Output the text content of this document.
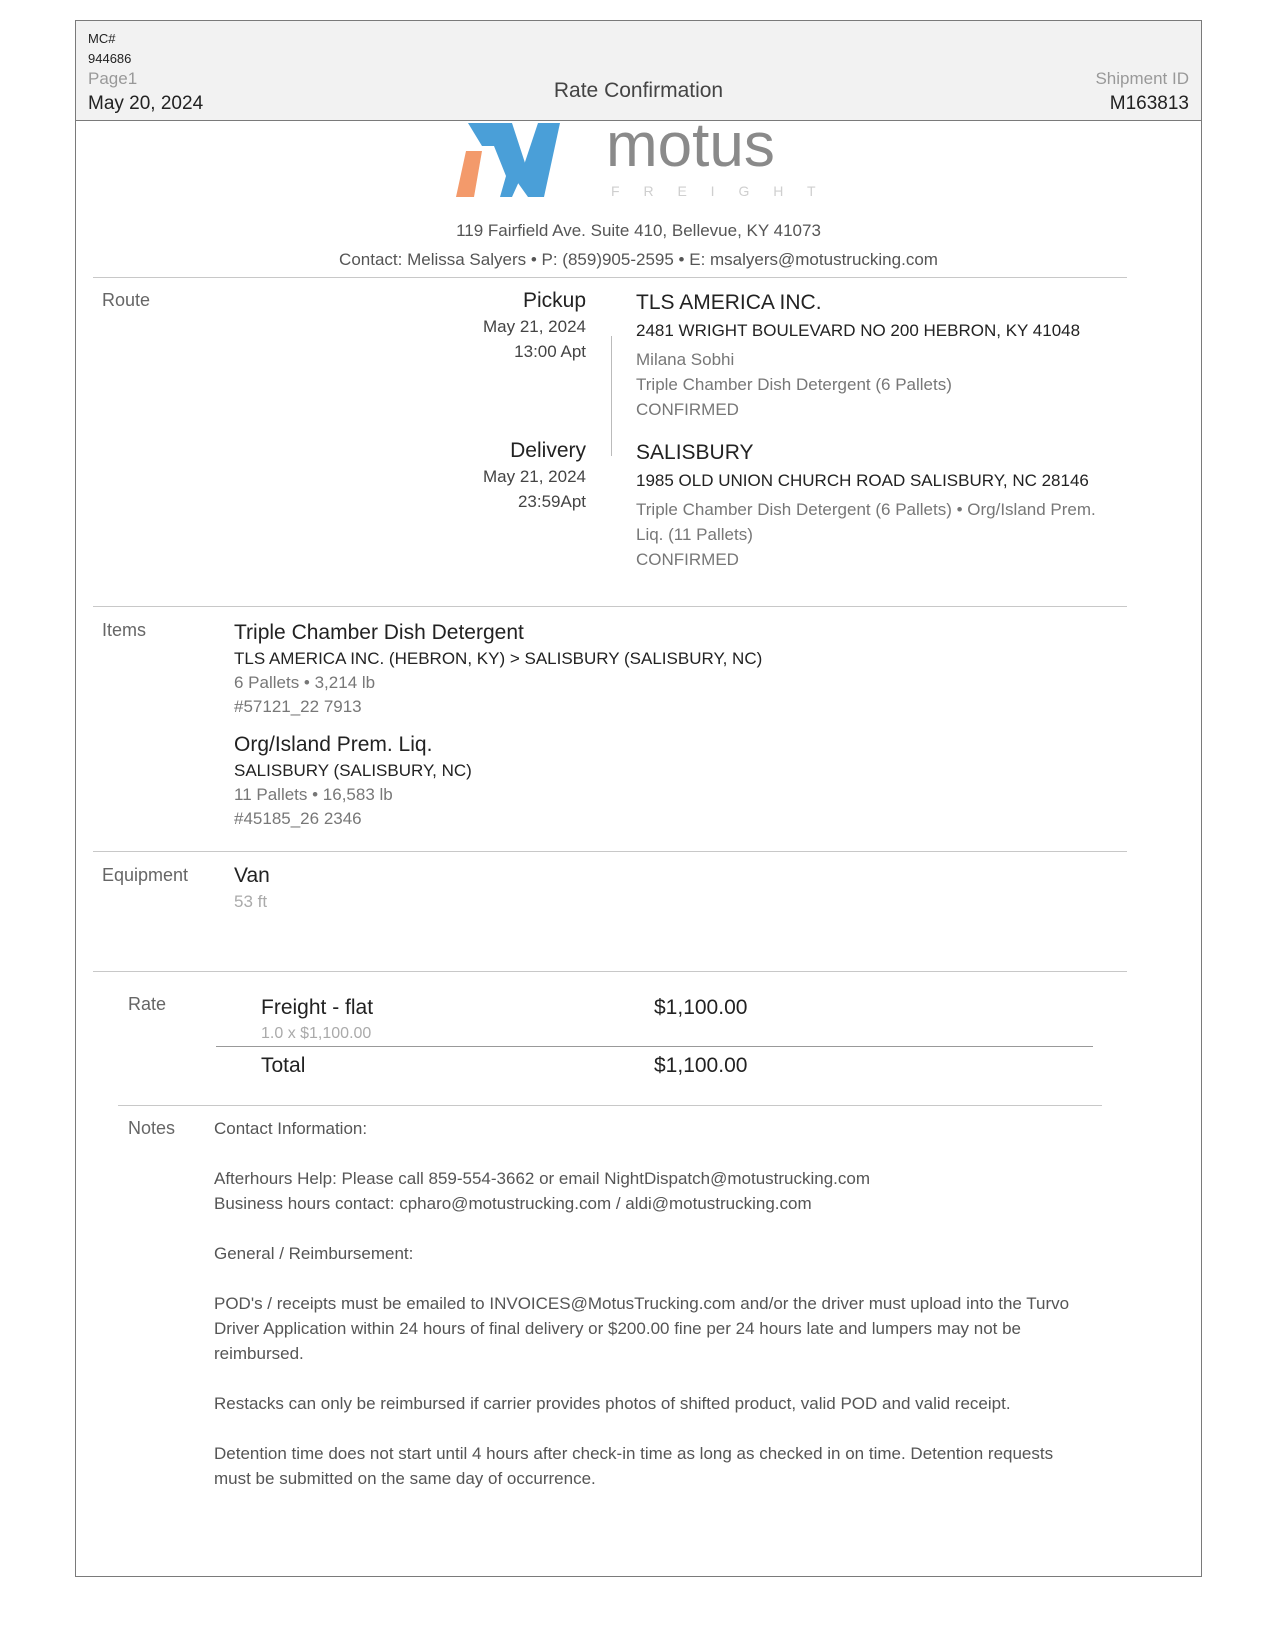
MC#
944686
Page1
May 20, 2024
Rate Confirmation
Shipment ID
M163813
motus
F R E I G H T
119 Fairfield Ave. Suite 410, Bellevue, KY 41073
Contact: Melissa Salyers • P: (859)905-2595 • E: msalyers@motustrucking.com
Route	Pickup
May 21, 2024
13:00 Apt
TLS AMERICA INC.
2481 WRIGHT BOULEVARD NO 200 HEBRON, KY 41048
Milana Sobhi
Triple Chamber Dish Detergent (6 Pallets)
CONFIRMED
Delivery
May 21, 2024
23:59Apt
SALISBURY
1985 OLD UNION CHURCH ROAD SALISBURY, NC 28146
Triple Chamber Dish Detergent (6 Pallets) • Org/Island Prem. Liq. (11 Pallets)
CONFIRMED
Items	Triple Chamber Dish Detergent
TLS AMERICA INC. (HEBRON, KY) > SALISBURY (SALISBURY, NC)
6 Pallets • 3,214 lb
#57121_22 7913
Org/Island Prem. Liq.
SALISBURY (SALISBURY, NC)
11 Pallets • 16,583 lb
#45185_26 2346
Equipment Van
53 ft
Rate	Freight - flat
1.0 x $1,100.00
$1,100.00
Total	$1,100.00
Notes Contact Information:

Afterhours Help: Please call 859-554-3662 or email NightDispatch@motustrucking.com

Business hours contact: cpharo@motustrucking.com / aldi@motustrucking.com

General / Reimbursement:

POD's / receipts must be emailed to INVOICES@MotusTrucking.com and/or the driver must upload into the Turvo Driver Application within 24 hours of final delivery or $200.00 fine per 24 hours late and lumpers may not be reimbursed.

Restacks can only be reimbursed if carrier provides photos of shifted product, valid POD and valid receipt.

Detention time does not start until 4 hours after check-in time as long as checked in on time. Detention requests must be submitted on the same day of occurrence.
